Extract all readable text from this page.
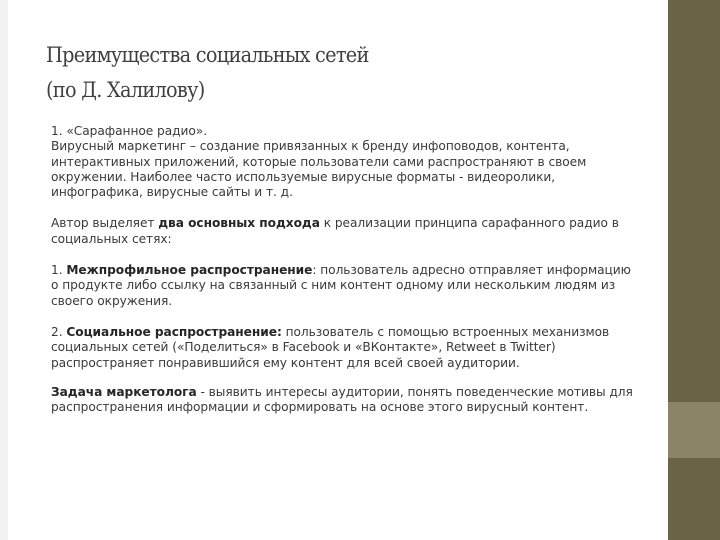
Преимущества социальных сетей
(по Д. Халилову)
1. «Сарафанное радио».
Вирусный маркетинг – создание привязанных к бренду инфоповодов, контента, интерактивных приложений, которые пользователи сами распространяют в своем окружении. Наиболее часто используемые вирусные форматы - видеоролики, инфографика, вирусные сайты и т. д.
Автор выделяет два основных подхода к реализации принципа сарафанного радио в социальных сетях:
1. Межпрофильное распространение: пользователь адресно отправляет информацию о продукте либо ссылку на связанный с ним контент одному или нескольким людям из своего окружения.
2. Социальное распространение: пользователь с помощью встроенных механизмов социальных сетей («Поделиться» в Facebook и «ВКонтакте», Retweet в Twitter) распространяет понравившийся ему контент для всей своей аудитории.
Задача маркетолога - выявить интересы аудитории, понять поведенческие мотивы для распространения информации и сформировать на основе этого вирусный контент.
